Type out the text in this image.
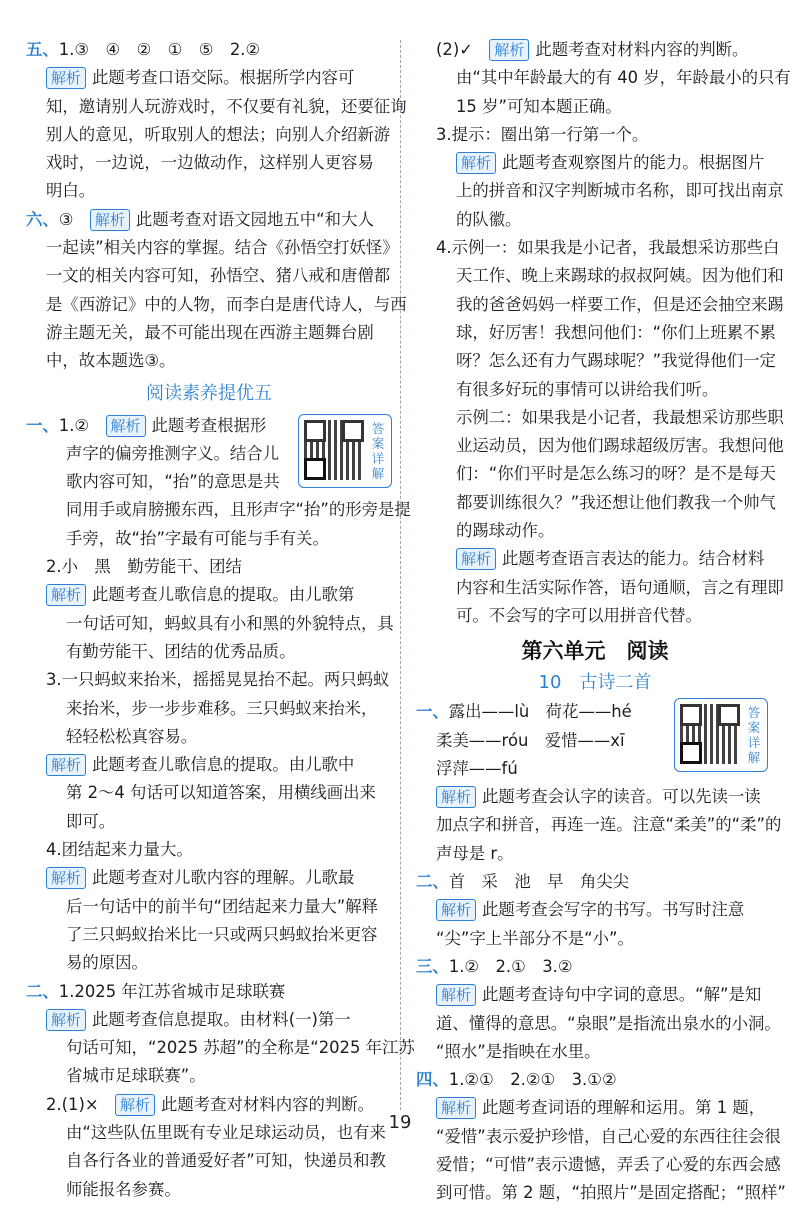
五、1.③　④　②　①　⑤　2.②

解析 此题考查口语交际。根据所学内容可

知，邀请别人玩游戏时，不仅要有礼貌，还要征询

别人的意见，听取别人的想法；向别人介绍新游

戏时，一边说，一边做动作，这样别人更容易

明白。

六、③　 解析 此题考查对语文园地五中“和大人

一起读”相关内容的掌握。结合《孙悟空打妖怪》

一文的相关内容可知，孙悟空、猪八戒和唐僧都

是《西游记》中的人物，而李白是唐代诗人，与西

游主题无关，最不可能出现在西游主题舞台剧

中，故本题选③。

阅读素养提优五

答案详解

一、1.②　 解析 此题考查根据形

声字的偏旁推测字义。结合儿

歌内容可知，“抬”的意思是共

同用手或肩膀搬东西，且形声字“抬”的形旁是提

手旁，故“抬”字最有可能与手有关。

2.小　黑　勤劳能干、团结

解析 此题考查儿歌信息的提取。由儿歌第

一句话可知，蚂蚁具有小和黑的外貌特点，具

有勤劳能干、团结的优秀品质。

3.一只蚂蚁来抬米，摇摇晃晃抬不起。两只蚂蚁

来抬米，步一步步难移。三只蚂蚁来抬米，

轻轻松松真容易。

解析 此题考查儿歌信息的提取。由儿歌中

第 2～4 句话可以知道答案，用横线画出来

即可。

4.团结起来力量大。

解析 此题考查对儿歌内容的理解。儿歌最

后一句话中的前半句“团结起来力量大”解释

了三只蚂蚁抬米比一只或两只蚂蚁抬米更容

易的原因。

二、1.2025 年江苏省城市足球联赛

解析 此题考查信息提取。由材料(一)第一

句话可知，“2025 苏超”的全称是“2025 年江苏

省城市足球联赛”。

2.(1)×　 解析 此题考查对材料内容的判断。

由“这些队伍里既有专业足球运动员，也有来

自各行各业的普通爱好者”可知，快递员和教

师能报名参赛。

(2)✓　 解析 此题考查对材料内容的判断。

由“其中年龄最大的有 40 岁，年龄最小的只有

15 岁”可知本题正确。

3.提示：圈出第一行第一个。

解析 此题考查观察图片的能力。根据图片

上的拼音和汉字判断城市名称，即可找出南京

的队徽。

4.示例一：如果我是小记者，我最想采访那些白

天工作、晚上来踢球的叔叔阿姨。因为他们和

我的爸爸妈妈一样要工作，但是还会抽空来踢

球，好厉害！我想问他们：“你们上班累不累

呀？怎么还有力气踢球呢？”我觉得他们一定

有很多好玩的事情可以讲给我们听。

示例二：如果我是小记者，我最想采访那些职

业运动员，因为他们踢球超级厉害。我想问他

们：“你们平时是怎么练习的呀？是不是每天

都要训练很久？”我还想让他们教我一个帅气

的踢球动作。

解析 此题考查语言表达的能力。结合材料

内容和生活实际作答，语句通顺，言之有理即

可。不会写的字可以用拼音代替。

第六单元　阅读

10　古诗二首

答案详解

一、露出——lù　荷花——hé

柔美——róu　爱惜——xī

浮萍——fú

解析 此题考查会认字的读音。可以先读一读

加点字和拼音，再连一连。注意“柔美”的“柔”的

声母是 r。

二、首　采　池　早　角尖尖

解析 此题考查会写字的书写。书写时注意

“尖”字上半部分不是“小”。

三、1.②　2.①　3.②

解析 此题考查诗句中字词的意思。“解”是知

道、懂得的意思。“泉眼”是指流出泉水的小洞。

“照水”是指映在水里。

四、1.②①　2.②①　3.①②

解析 此题考查词语的理解和运用。第 1 题，

“爱惜”表示爱护珍惜，自己心爱的东西往往会很

爱惜；“可惜”表示遗憾，弄丢了心爱的东西会感

到可惜。第 2 题，“拍照片”是固定搭配；“照样”

19
